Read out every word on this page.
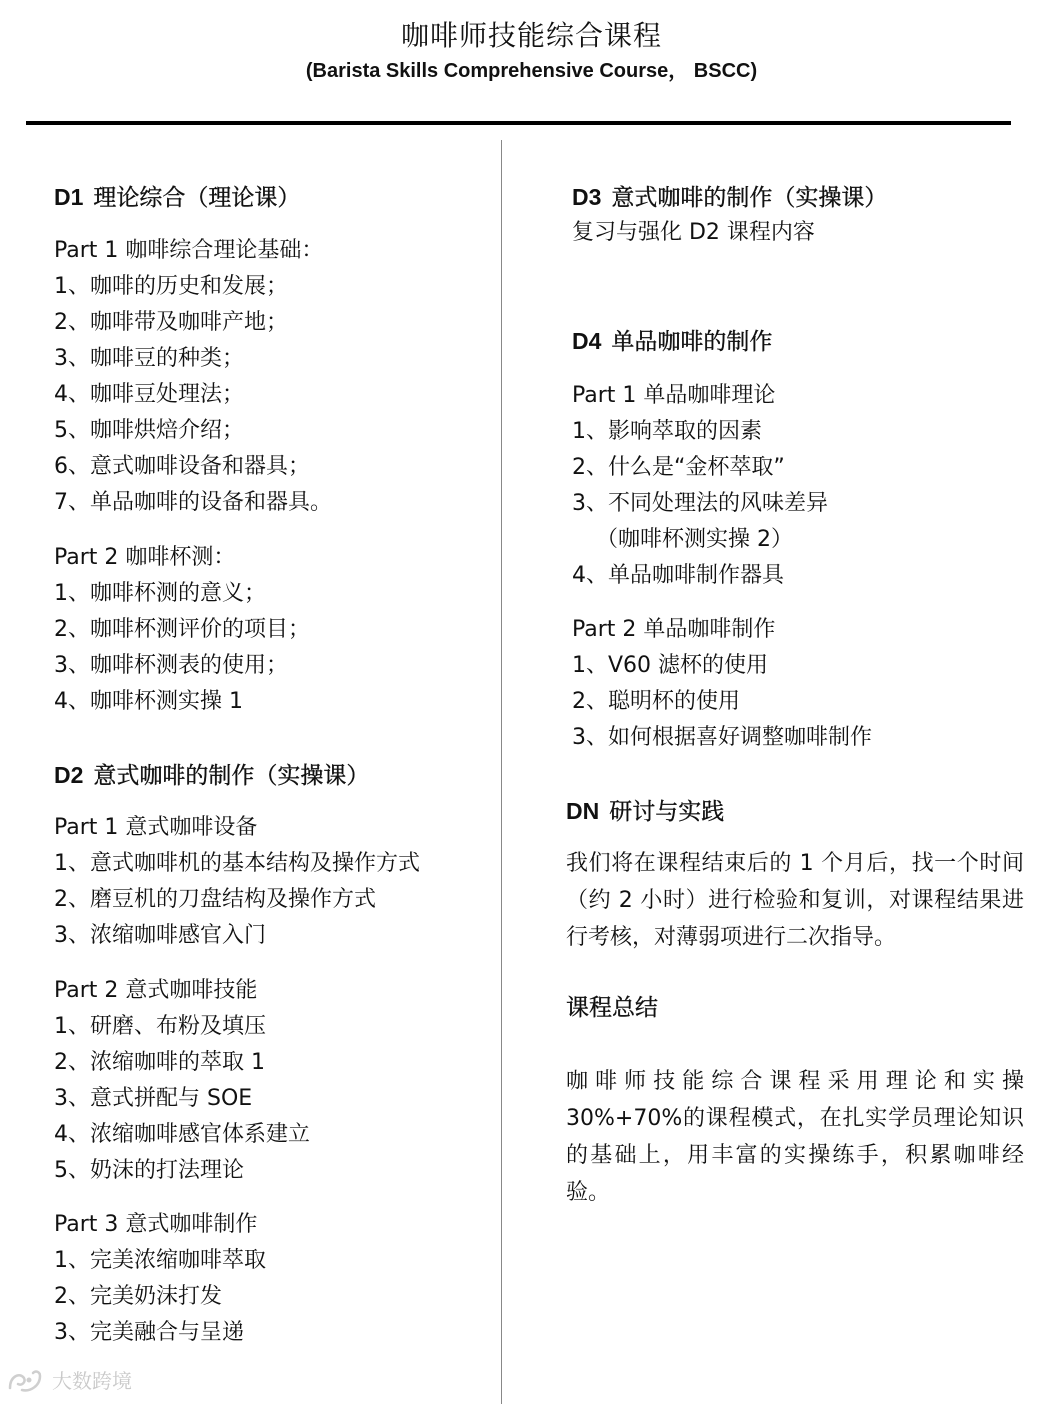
咖啡师技能综合课程
(Barista Skills Comprehensive Course， BSCC)
D1 理论综合（理论课）
Part 1 咖啡综合理论基础：
1、咖啡的历史和发展；
2、咖啡带及咖啡产地；
3、咖啡豆的种类；
4、咖啡豆处理法；
5、咖啡烘焙介绍；
6、意式咖啡设备和器具；
7、单品咖啡的设备和器具。
Part 2 咖啡杯测：
1、咖啡杯测的意义；
2、咖啡杯测评价的项目；
3、咖啡杯测表的使用；
4、咖啡杯测实操 1
D2 意式咖啡的制作（实操课）
Part 1 意式咖啡设备
1、意式咖啡机的基本结构及操作方式
2、磨豆机的刀盘结构及操作方式
3、浓缩咖啡感官入门
Part 2 意式咖啡技能
1、研磨、布粉及填压
2、浓缩咖啡的萃取 1
3、意式拼配与 SOE
4、浓缩咖啡感官体系建立
5、奶沫的打法理论
Part 3 意式咖啡制作
1、完美浓缩咖啡萃取
2、完美奶沫打发
3、完美融合与呈递
D3 意式咖啡的制作（实操课）
复习与强化 D2 课程内容
D4 单品咖啡的制作
Part 1 单品咖啡理论
1、影响萃取的因素
2、什么是“金杯萃取”
3、不同处理法的风味差异
（咖啡杯测实操 2）
4、单品咖啡制作器具
Part 2 单品咖啡制作
1、V60 滤杯的使用
2、聪明杯的使用
3、如何根据喜好调整咖啡制作
DN 研讨与实践
我们将在课程结束后的 1 个月后，找一个时间（约 2 小时）进行检验和复训，对课程结果进行考核，对薄弱项进行二次指导。
课程总结
咖啡师技能综合课程采用理论和实操30%+70%的课程模式，在扎实学员理论知识的基础上，用丰富的实操练手，积累咖啡经验。
大数跨境
